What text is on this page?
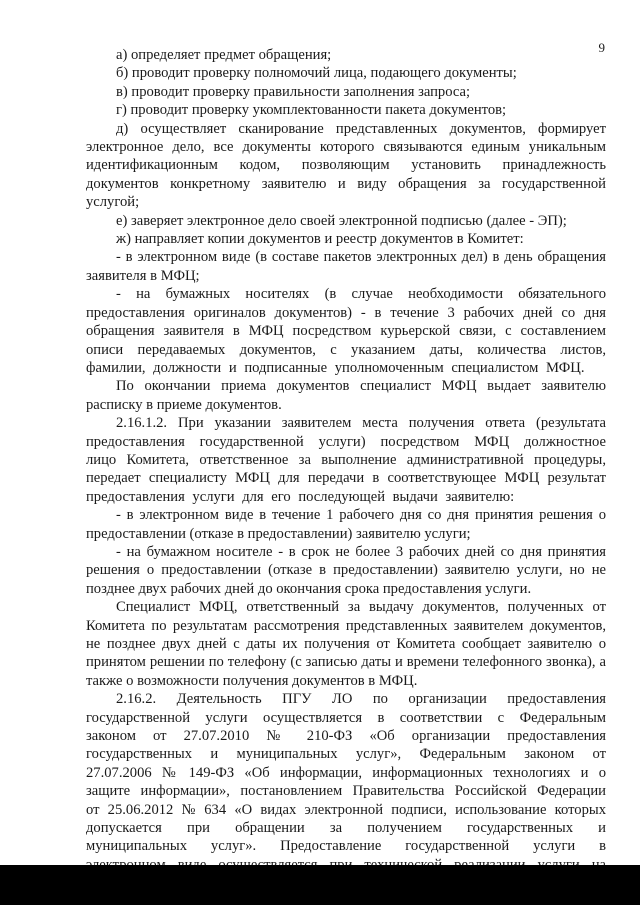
9

а) определяет предмет обращения;

б) проводит проверку полномочий лица, подающего документы;

в) проводит проверку правильности заполнения запроса;

г) проводит проверку укомплектованности пакета документов;

д) осуществляет сканирование представленных документов, формирует электронное дело, все документы которого связываются единым уникальным идентификационным кодом, позволяющим установить принадлежность документов конкретному заявителю и виду обращения за государственной услугой;

е) заверяет электронное дело своей электронной подписью (далее - ЭП);

ж) направляет копии документов и реестр документов в Комитет:

- в электронном виде (в составе пакетов электронных дел) в день обращения заявителя в МФЦ;

- на бумажных носителях (в случае необходимости обязательного предоставления оригиналов документов) - в течение 3 рабочих дней со дня обращения заявителя в МФЦ посредством курьерской связи, с составлением описи передаваемых документов, с указанием даты, количества листов, фамилии, должности и подписанные уполномоченным специалистом МФЦ.

По окончании приема документов специалист МФЦ выдает заявителю расписку в приеме документов.

2.16.1.2. При указании заявителем места получения ответа (результата предоставления государственной услуги) посредством МФЦ должностное лицо Комитета, ответственное за выполнение административной процедуры, передает специалисту МФЦ для передачи в соответствующее МФЦ результат предоставления услуги для его последующей выдачи заявителю:

- в электронном виде в течение 1 рабочего дня со дня принятия решения о предоставлении (отказе в предоставлении) заявителю услуги;

- на бумажном носителе - в срок не более 3 рабочих дней со дня принятия решения о предоставлении (отказе в предоставлении) заявителю услуги, но не позднее двух рабочих дней до окончания срока предоставления услуги.

Специалист МФЦ, ответственный за выдачу документов, полученных от Комитета по результатам рассмотрения представленных заявителем документов, не позднее двух дней с даты их получения от Комитета сообщает заявителю о принятом решении по телефону (с записью даты и времени телефонного звонка), а также о возможности получения документов в МФЦ.

2.16.2. Деятельность ПГУ ЛО по организации предоставления государственной услуги осуществляется в соответствии с Федеральным законом от 27.07.2010 № 210-ФЗ «Об организации предоставления государственных и муниципальных услуг», Федеральным законом от 27.07.2006 № 149-ФЗ «Об информации, информационных технологиях и о защите информации», постановлением Правительства Российской Федерации от 25.06.2012 № 634 «О видах электронной подписи, использование которых допускается при обращении за получением государственных и муниципальных услуг». Предоставление государственной услуги в
